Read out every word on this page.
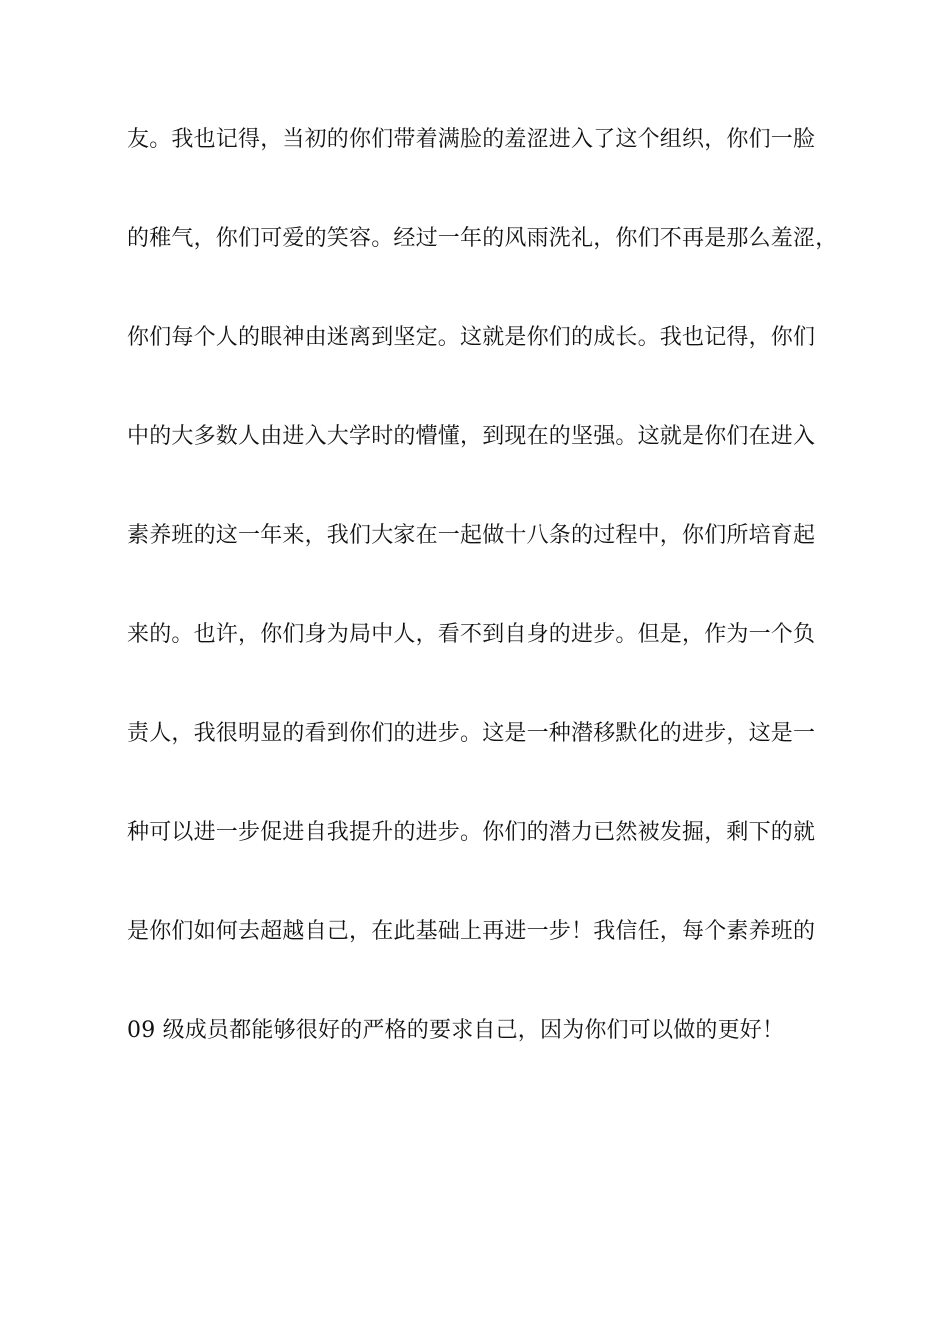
友。我也记得，当初的你们带着满脸的羞涩进入了这个组织，你们一脸
的稚气，你们可爱的笑容。经过一年的风雨洗礼，你们不再是那么羞涩，
你们每个人的眼神由迷离到坚定。这就是你们的成长。我也记得，你们
中的大多数人由进入大学时的懵懂，到现在的坚强。这就是你们在进入
素养班的这一年来，我们大家在一起做十八条的过程中，你们所培育起
来的。也许，你们身为局中人，看不到自身的进步。但是，作为一个负
责人，我很明显的看到你们的进步。这是一种潜移默化的进步，这是一
种可以进一步促进自我提升的进步。你们的潜力已然被发掘，剩下的就
是你们如何去超越自己，在此基础上再进一步！我信任，每个素养班的
09 级成员都能够很好的严格的要求自己，因为你们可以做的更好！
